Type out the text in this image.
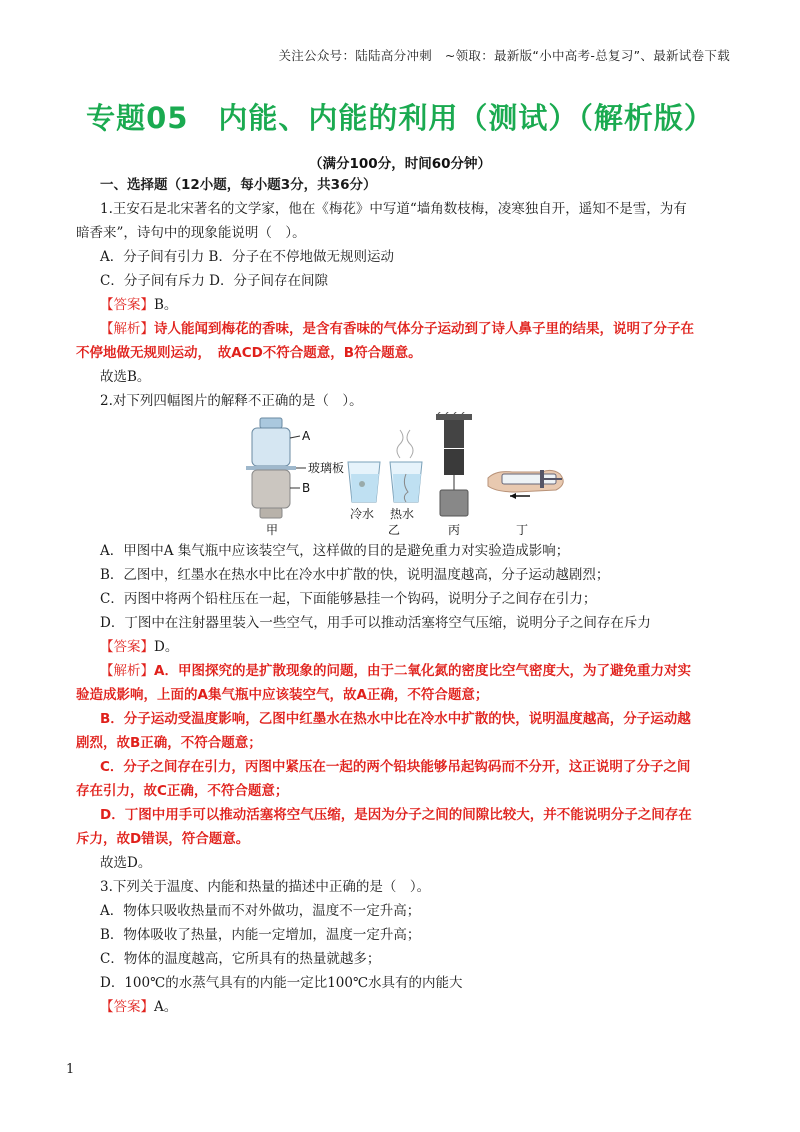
关注公众号：陆陆高分冲刺　~领取：最新版“小中高考-总复习”、最新试卷下载
专题05　内能、内能的利用（测试）（解析版）
（满分100分，时间60分钟）
一、选择题（12小题，每小题3分，共36分）
1.王安石是北宋著名的文学家，他在《梅花》中写道“墙角数枝梅，凌寒独自开，遥知不是雪，为有
暗香来”，诗句中的现象能说明（　）。
A．分子间有引力 B．分子在不停地做无规则运动
C．分子间有斥力 D．分子间存在间隙
【答案】B。
【解析】诗人能闻到梅花的香味，是含有香味的气体分子运动到了诗人鼻子里的结果，说明了分子在
不停地做无规则运动，　故ACD不符合题意，B符合题意。
故选B。
2.对下列四幅图片的解释不正确的是（　）。
A
玻璃板
B
冷水 热水
甲	乙	丙	丁
A．甲图中A 集气瓶中应该装空气，这样做的目的是避免重力对实验造成影响；
B．乙图中，红墨水在热水中比在冷水中扩散的快，说明温度越高，分子运动越剧烈；
C．丙图中将两个铅柱压在一起，下面能够悬挂一个钩码，说明分子之间存在引力；
D．丁图中在注射器里装入一些空气，用手可以推动活塞将空气压缩，说明分子之间存在斥力
【答案】D。
【解析】A．甲图探究的是扩散现象的问题，由于二氧化氮的密度比空气密度大，为了避免重力对实
验造成影响，上面的A集气瓶中应该装空气，故A正确，不符合题意；
B．分子运动受温度影响，乙图中红墨水在热水中比在冷水中扩散的快，说明温度越高，分子运动越
剧烈，故B正确，不符合题意；
C．分子之间存在引力，丙图中紧压在一起的两个铅块能够吊起钩码而不分开，这正说明了分子之间
存在引力，故C正确，不符合题意；
D．丁图中用手可以推动活塞将空气压缩，是因为分子之间的间隙比较大，并不能说明分子之间存在
斥力，故D错误，符合题意。
故选D。
3.下列关于温度、内能和热量的描述中正确的是（　）。
A．物体只吸收热量而不对外做功，温度不一定升高；
B．物体吸收了热量，内能一定增加，温度一定升高；
C．物体的温度越高，它所具有的热量就越多；
D．100℃的水蒸气具有的内能一定比100℃水具有的内能大
【答案】A。
1
